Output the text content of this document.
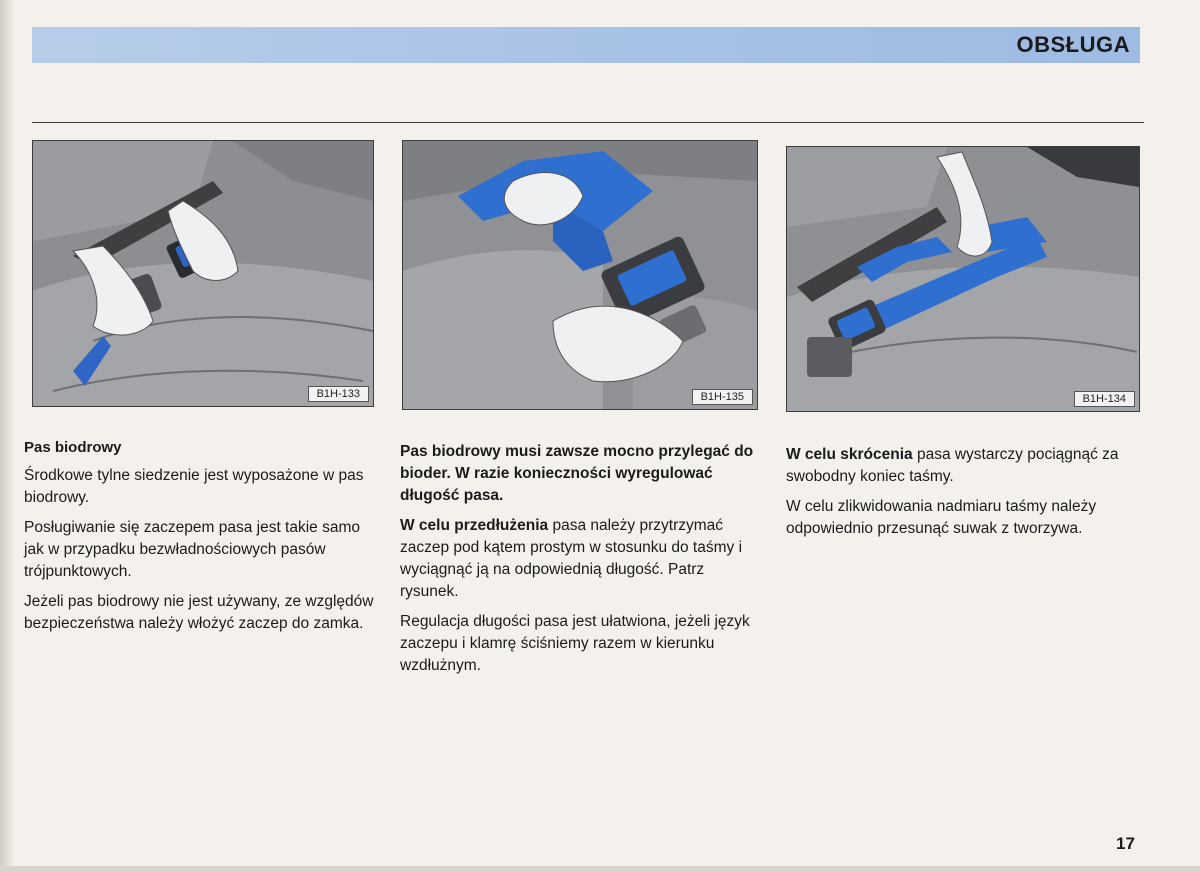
OBSŁUGA
B1H-133	B1H-135	B1H-134

Pas biodrowy

Środkowe tylne siedzenie jest wyposażone w pas biodrowy.

Posługiwanie się zaczepem pasa jest takie samo jak w przypadku bezwładnościowych pasów trójpunktowych.

Jeżeli pas biodrowy nie jest używany, ze względów bezpieczeństwa należy włożyć zaczep do zamka.

Pas biodrowy musi zawsze mocno przylegać do bioder. W razie konieczności wyregulować długość pasa.

W celu przedłużenia pasa należy przytrzymać zaczep pod kątem prostym w stosunku do taśmy i wyciągnąć ją na odpowiednią długość. Patrz rysunek.

Regulacja długości pasa jest ułatwiona, jeżeli język zaczepu i klamrę ściśniemy razem w kierunku wzdłużnym.

W celu skrócenia pasa wystarczy pociągnąć za swobodny koniec taśmy.

W celu zlikwidowania nadmiaru taśmy należy odpowiednio przesunąć suwak z tworzywa.

17
